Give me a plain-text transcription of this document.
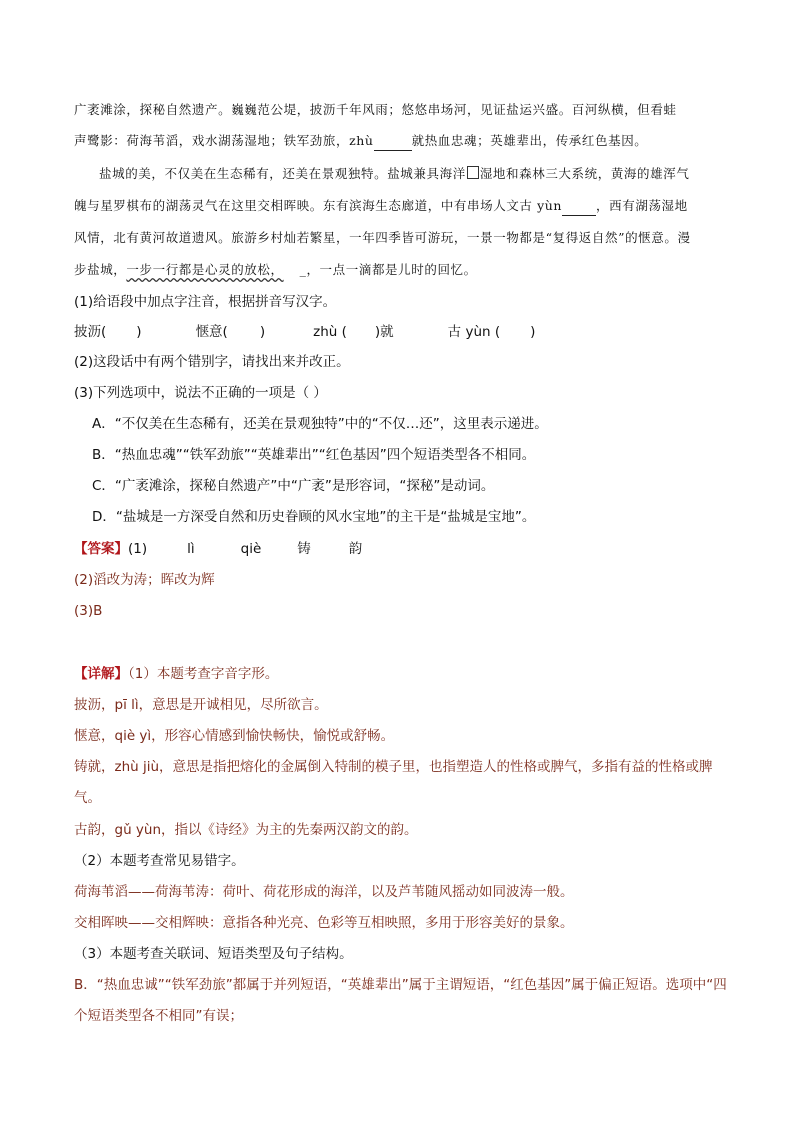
广袤滩涂，探秘自然遗产。巍巍范公堤，披沥千年风雨；悠悠串场河，见证盐运兴盛。百河纵横，但看蛙
声鹭影：荷海苇滔，戏水湖荡湿地；铁军劲旅，zhù	就热血忠魂；英雄辈出，传承红色基因。
盐城的美，不仅美在生态稀有，还美在景观独特。盐城兼具海洋 湿地和森林三大系统，黄海的雄浑气
魄与星罗棋布的湖荡灵气在这里交相晖映。东有滨海生态廊道，中有串场人文古 yùn	，西有湖荡湿地
风情，北有黄河故道遗风。旅游乡村灿若繁星，一年四季皆可游玩，一景一物都是“复得返自然”的惬意。漫
步盐城，一步一行都是心灵的放松， _，一点一滴都是儿时的回忆。
(1)给语段中加点字注音，根据拼音写汉字。
披沥( )	惬意( )	zhù ( )就	古 yùn ( )
(2)这段话中有两个错别字，请找出来并改正。
(3)下列选项中，说法不正确的一项是（ ）
A．“不仅美在生态稀有，还美在景观独特”中的“不仅…还”，这里表示递进。
B．“热血忠魂”“铁军劲旅”“英雄辈出”“红色基因”四个短语类型各不相同。
C．“广袤滩涂，探秘自然遗产”中“广袤”是形容词，“探秘”是动词。
D．“盐城是一方深受自然和历史眷顾的风水宝地”的主干是“盐城是宝地”。
【答案】(1)	lì	qiè	铸	韵
(2)滔改为涛；晖改为辉
(3)B
【详解】（1）本题考查字音字形。
披沥，pī lì，意思是开诚相见，尽所欲言。
惬意，qiè yì，形容心情感到愉快畅快，愉悦或舒畅。
铸就，zhù jiù，意思是指把熔化的金属倒入特制的模子里，也指塑造人的性格或脾气，多指有益的性格或脾
气。
古韵，gǔ yùn，指以《诗经》为主的先秦两汉韵文的韵。
（2）本题考查常见易错字。
荷海苇滔——荷海苇涛：荷叶、荷花形成的海洋，以及芦苇随风摇动如同波涛一般。
交相晖映——交相辉映：意指各种光亮、色彩等互相映照，多用于形容美好的景象。
（3）本题考查关联词、短语类型及句子结构。
B．“热血忠诚”“铁军劲旅”都属于并列短语，“英雄辈出”属于主谓短语，“红色基因”属于偏正短语。选项中“四
个短语类型各不相同”有误；
